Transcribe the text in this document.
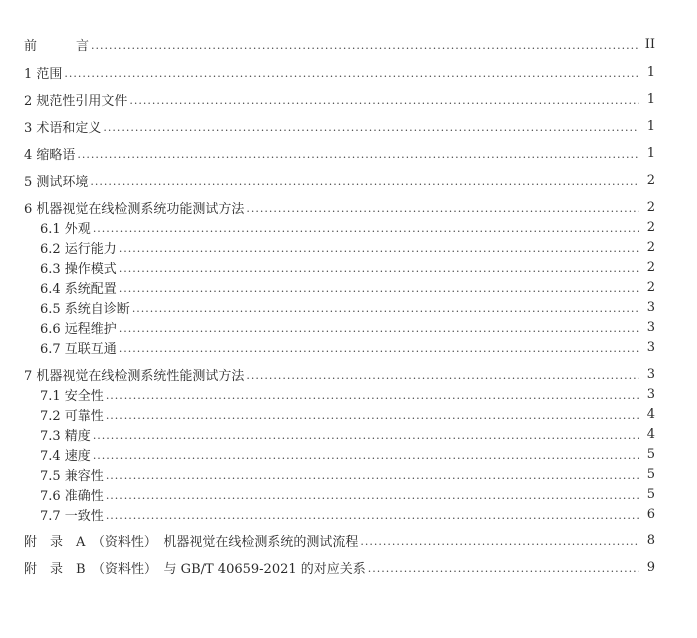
前　　　言 .....	II
1 范围 .....	1
2 规范性引用文件 .....	1
3 术语和定义 .....	1
4 缩略语 .....	1
5 测试环境 .....	2
6 机器视觉在线检测系统功能测试方法 .....	2
6.1 外观 .....	2
6.2 运行能力 .....	2
6.3 操作模式 .....	2
6.4 系统配置 .....	2
6.5 系统自诊断 .....	3
6.6 远程维护 .....	3
6.7 互联互通 .....	3
7 机器视觉在线检测系统性能测试方法 .....	3
7.1 安全性 .....	3
7.2 可靠性 .....	4
7.3 精度 .....	4
7.4 速度 .....	5
7.5 兼容性 .....	5
7.6 准确性 .....	5
7.7 一致性 .....	6
附　录　A　（资料性）　机器视觉在线检测系统的测试流程 .....	8
附　录　B　（资料性）　与 GB/T 40659-2021 的对应关系 .....	9
